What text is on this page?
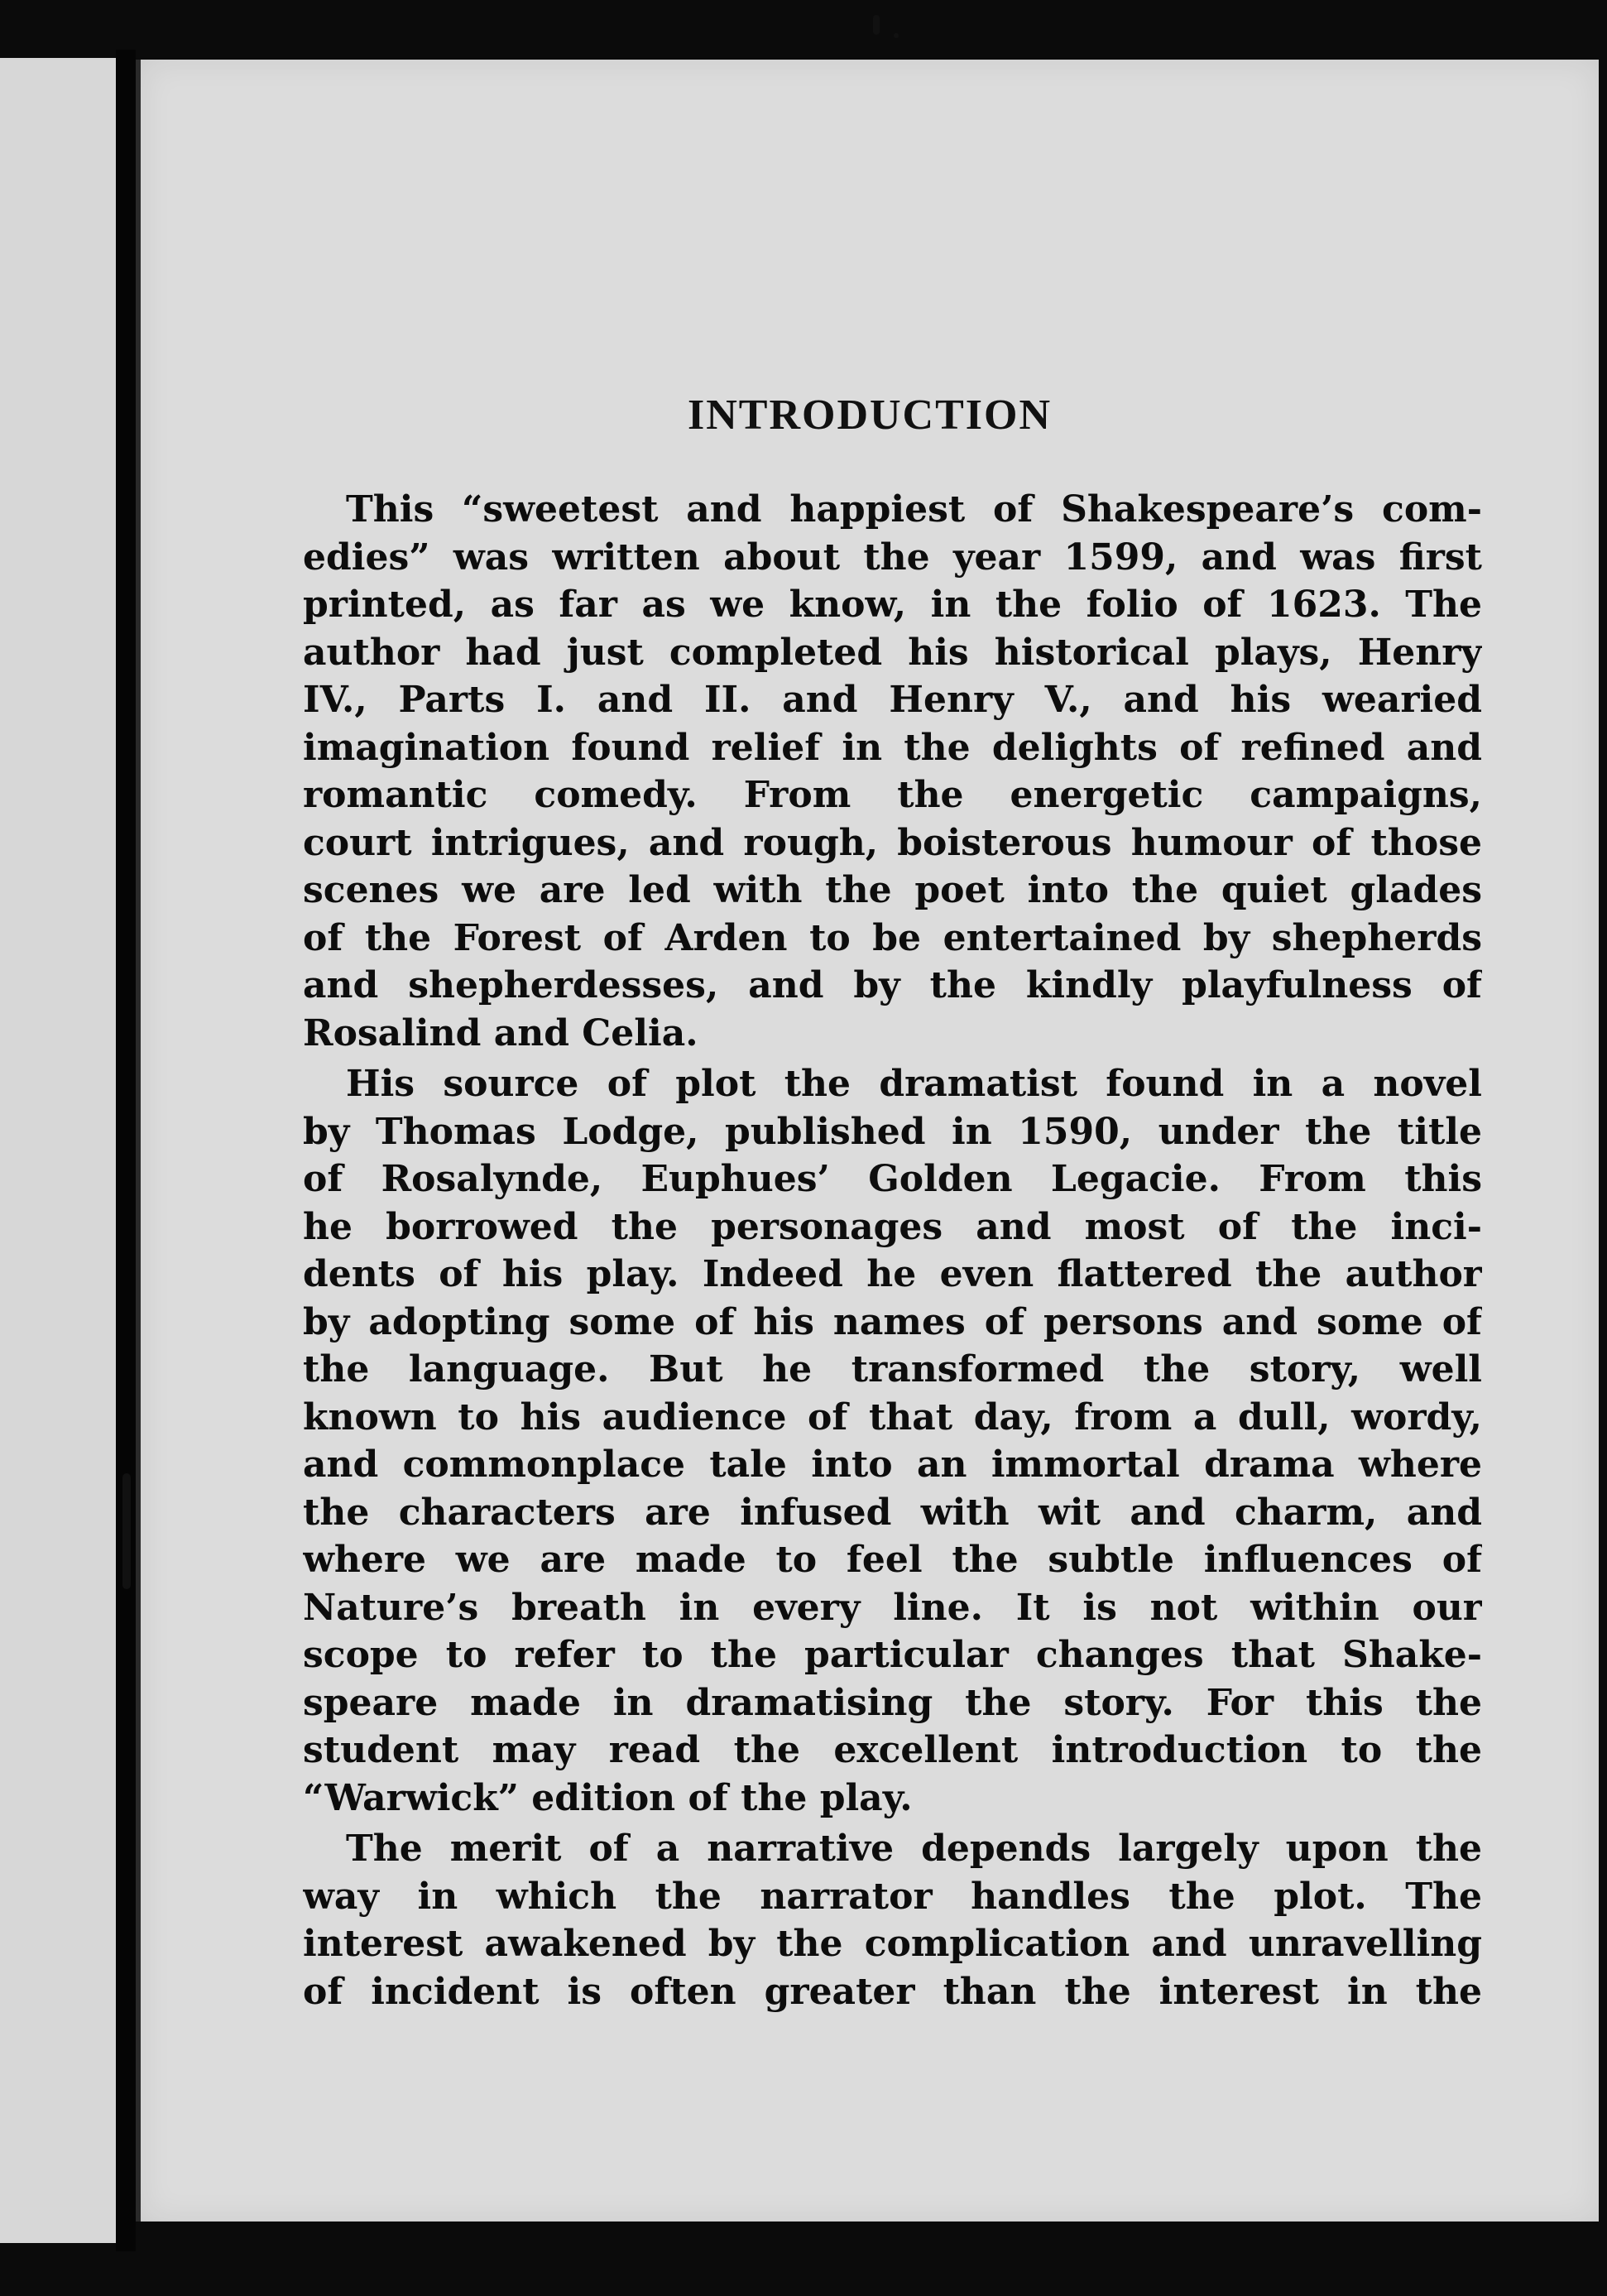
INTRODUCTION
This “sweetest and happiest of Shakespeare’s com-
edies” was written about the year 1599, and was first
printed, as far as we know, in the folio of 1623. The
author had just completed his historical plays, Henry
IV., Parts I. and II. and Henry V., and his wearied
imagination found relief in the delights of refined and
romantic comedy. From the energetic campaigns,
court intrigues, and rough, boisterous humour of those
scenes we are led with the poet into the quiet glades
of the Forest of Arden to be entertained by shepherds
and shepherdesses, and by the kindly playfulness of
Rosalind and Celia.
His source of plot the dramatist found in a novel
by Thomas Lodge, published in 1590, under the title
of Rosalynde, Euphues’ Golden Legacie. From this
he borrowed the personages and most of the inci-
dents of his play. Indeed he even flattered the author
by adopting some of his names of persons and some of
the language. But he transformed the story, well
known to his audience of that day, from a dull, wordy,
and commonplace tale into an immortal drama where
the characters are infused with wit and charm, and
where we are made to feel the subtle influences of
Nature’s breath in every line. It is not within our
scope to refer to the particular changes that Shake-
speare made in dramatising the story. For this the
student may read the excellent introduction to the
“Warwick” edition of the play.
The merit of a narrative depends largely upon the
way in which the narrator handles the plot. The
interest awakened by the complication and unravelling
of incident is often greater than the interest in the
